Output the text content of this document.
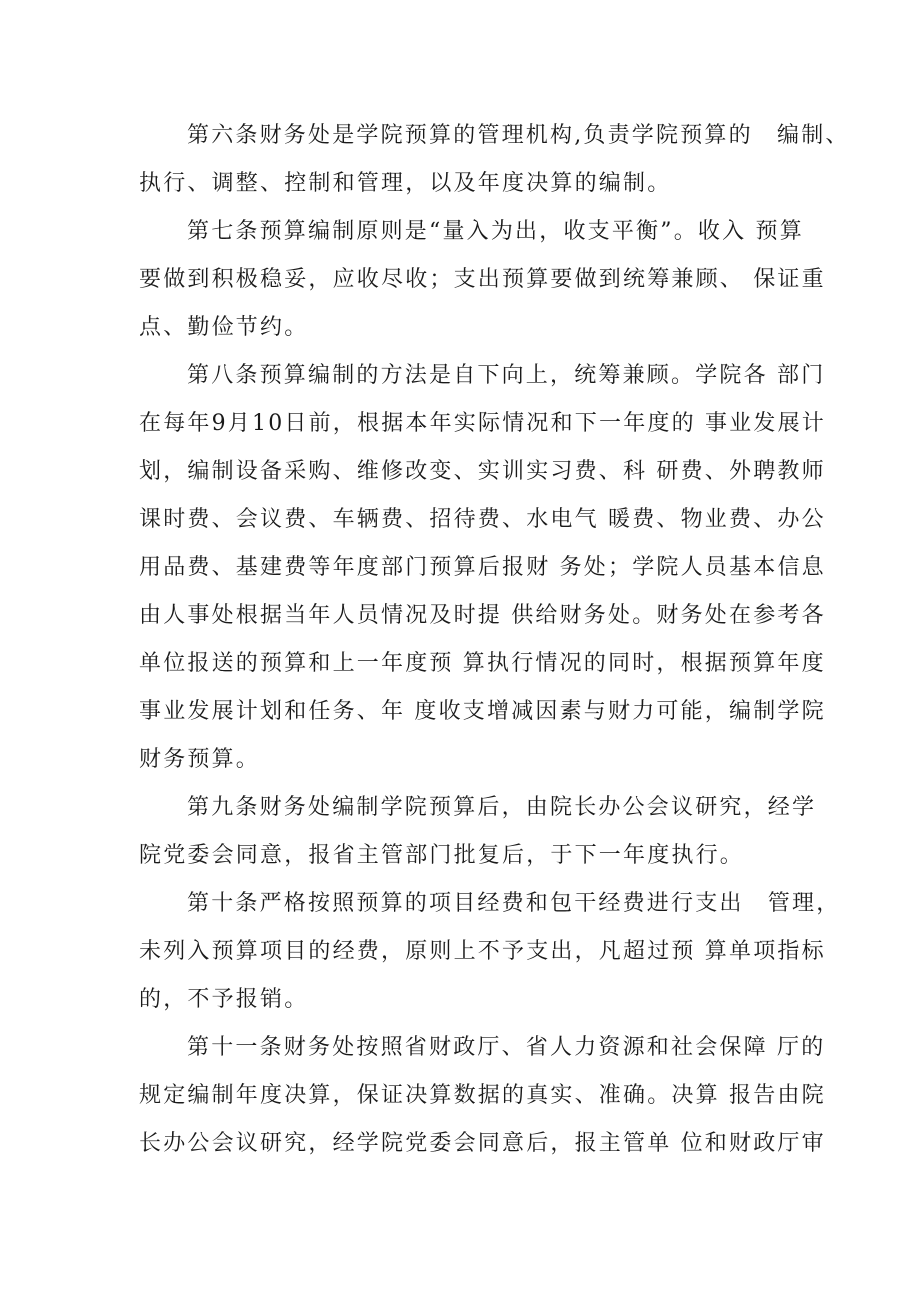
第六条财务处是学院预算的管理机构,负责学院预算的　编制、
执行、调整、控制和管理，以及年度决算的编制。
第七条预算编制原则是“量入为出，收支平衡”。收入 预算
要做到积极稳妥，应收尽收；支出预算要做到统筹兼顾、 保证重
点、勤俭节约。
第八条预算编制的方法是自下向上，统筹兼顾。学院各 部门
在每年9月10日前，根据本年实际情况和下一年度的 事业发展计
划，编制设备采购、维修改变、实训实习费、科 研费、外聘教师
课时费、会议费、车辆费、招待费、水电气 暖费、物业费、办公
用品费、基建费等年度部门预算后报财 务处；学院人员基本信息
由人事处根据当年人员情况及时提 供给财务处。财务处在参考各
单位报送的预算和上一年度预 算执行情况的同时，根据预算年度
事业发展计划和任务、年 度收支增减因素与财力可能，编制学院
财务预算。
第九条财务处编制学院预算后，由院长办公会议研究，经学
院党委会同意，报省主管部门批复后，于下一年度执行。
第十条严格按照预算的项目经费和包干经费进行支出　管理，
未列入预算项目的经费，原则上不予支出，凡超过预 算单项指标
的，不予报销。
第十一条财务处按照省财政厅、省人力资源和社会保障 厅的
规定编制年度决算，保证决算数据的真实、准确。决算 报告由院
长办公会议研究，经学院党委会同意后，报主管单 位和财政厅审
